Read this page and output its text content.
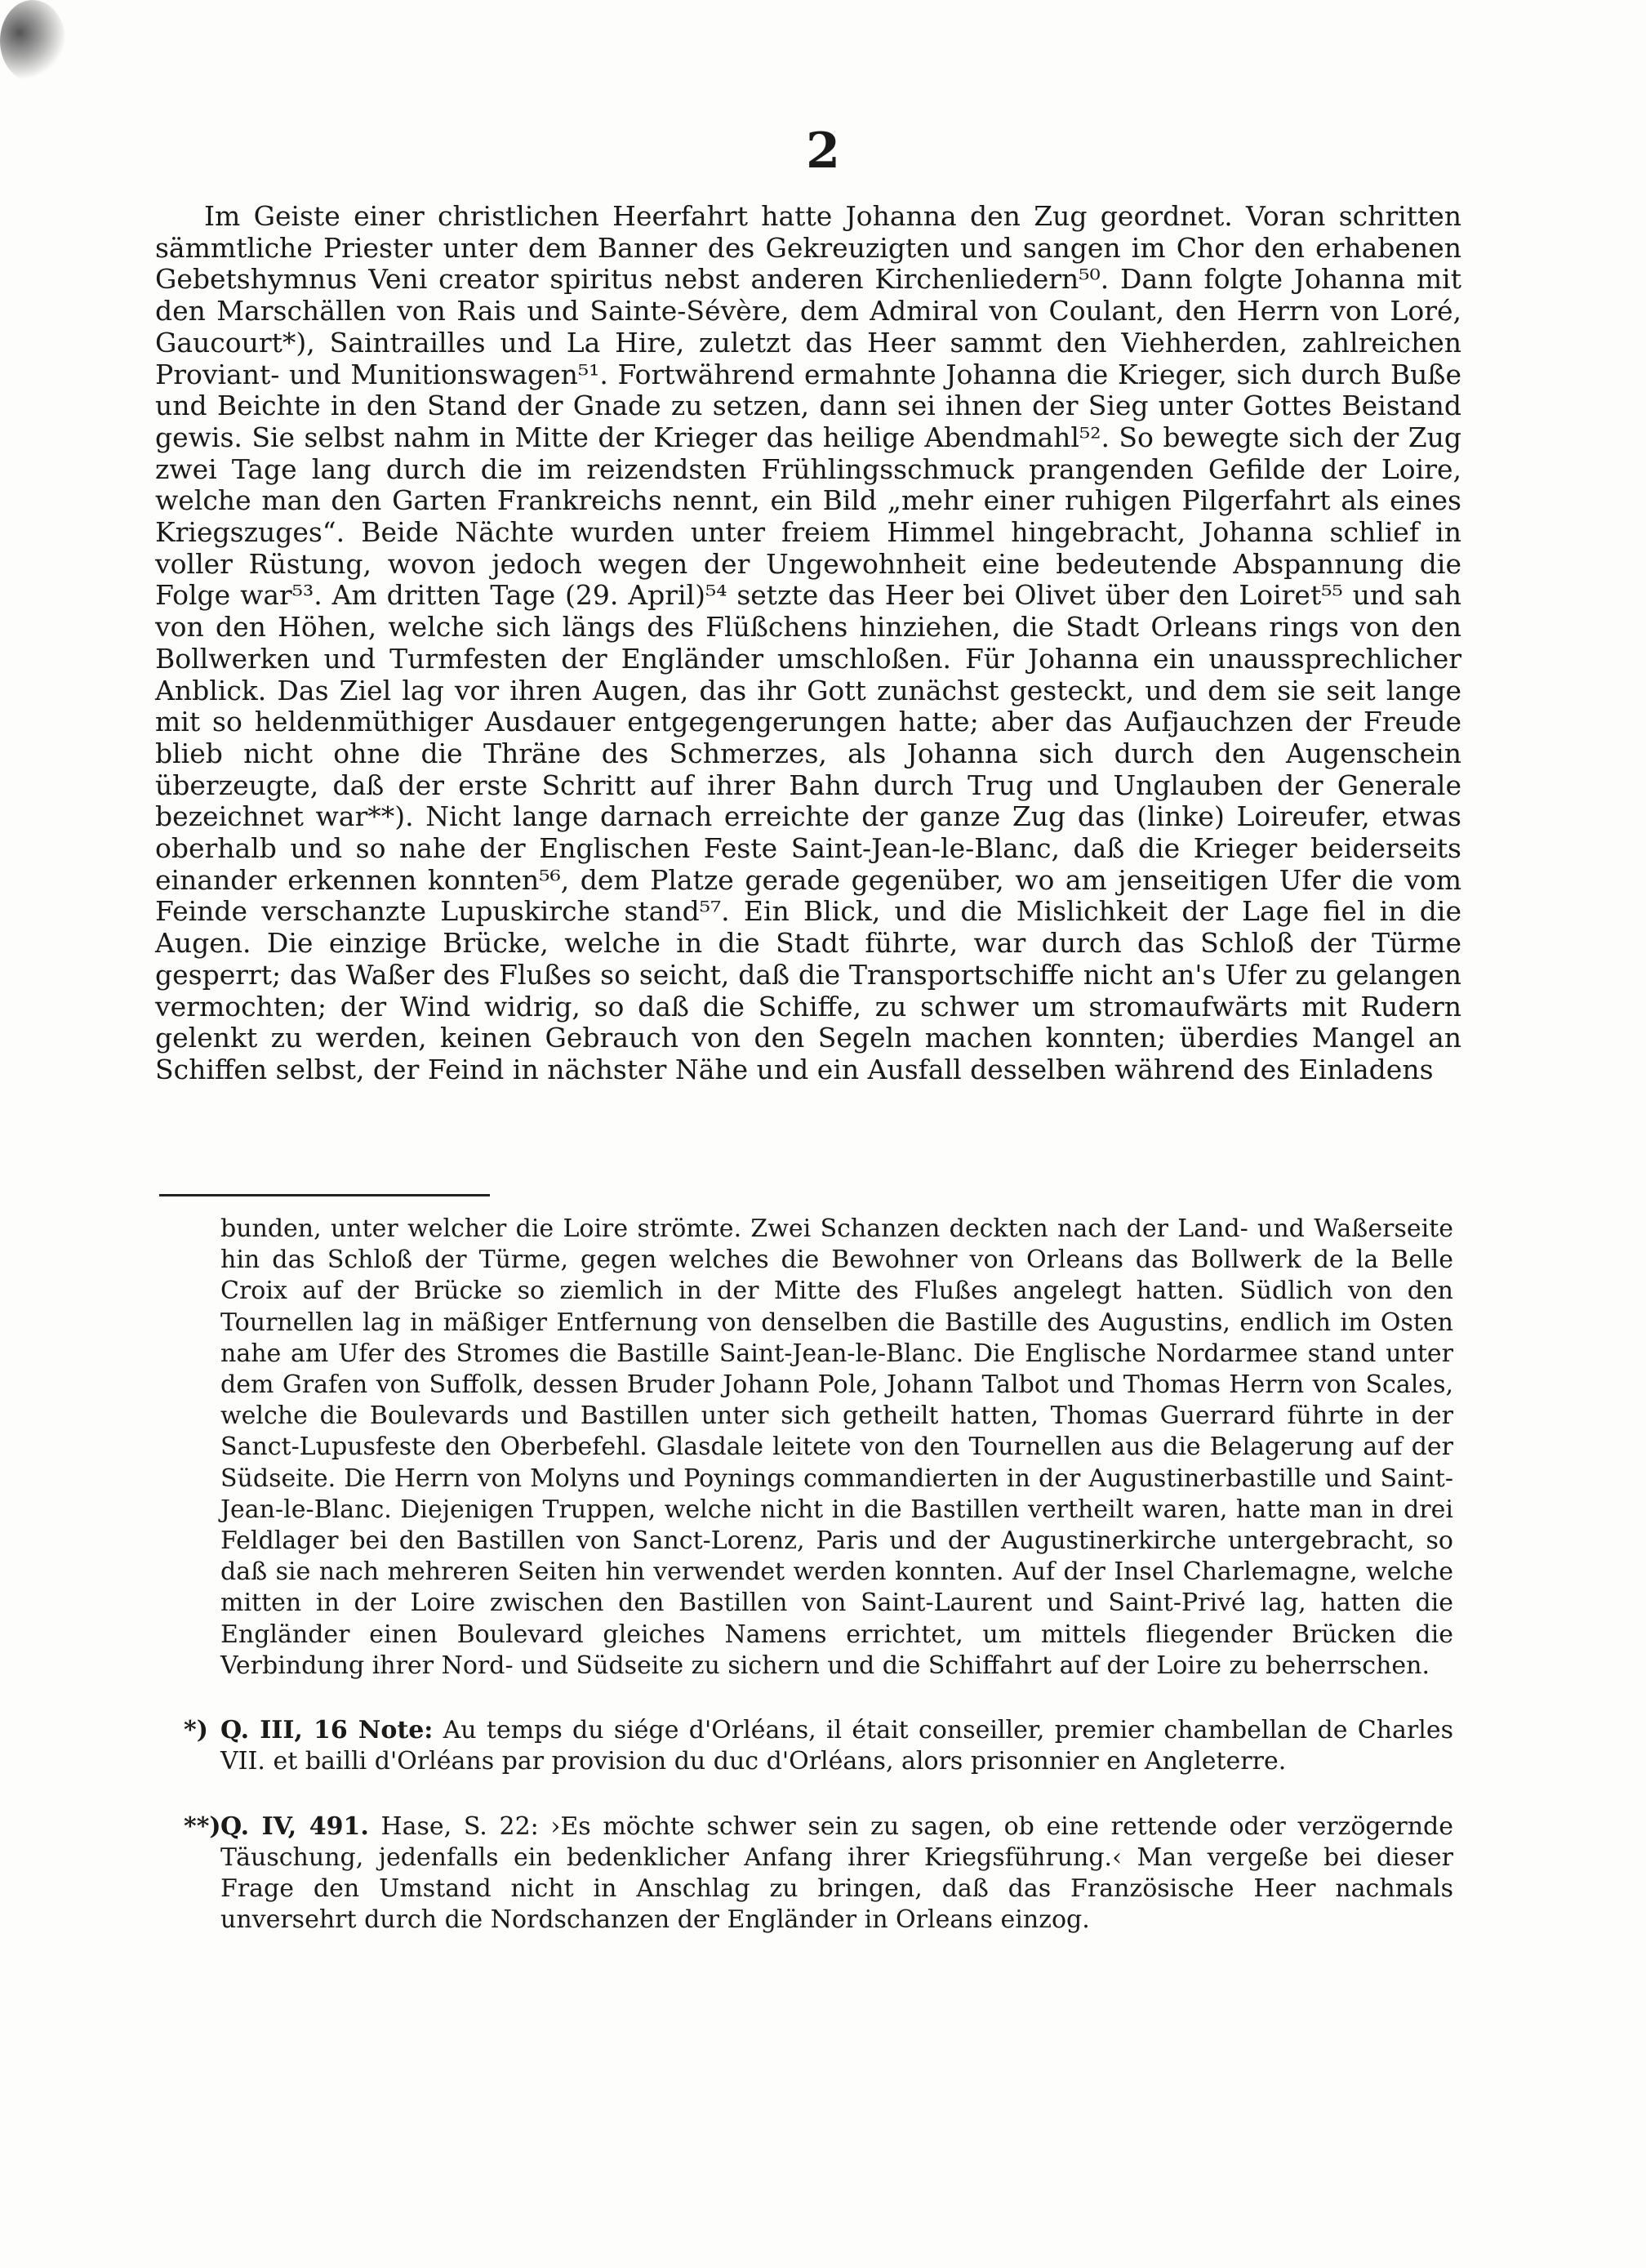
2

Im Geiste einer christlichen Heerfahrt hatte Johanna den Zug geordnet. Voran schritten sämmtliche Priester unter dem Banner des Gekreuzigten und sangen im Chor den erhabenen Gebetshymnus Veni creator spiritus nebst anderen Kirchenliedern⁵⁰. Dann folgte Johanna mit den Marschällen von Rais und Sainte-Sévère, dem Admiral von Coulant, den Herrn von Loré, Gaucourt*), Saintrailles und La Hire, zuletzt das Heer sammt den Viehherden, zahlreichen Proviant- und Munitionswagen⁵¹. Fortwährend ermahnte Johanna die Krieger, sich durch Buße und Beichte in den Stand der Gnade zu setzen, dann sei ihnen der Sieg unter Gottes Beistand gewis. Sie selbst nahm in Mitte der Krieger das heilige Abendmahl⁵². So bewegte sich der Zug zwei Tage lang durch die im reizendsten Frühlingsschmuck prangenden Gefilde der Loire, welche man den Garten Frankreichs nennt, ein Bild „mehr einer ruhigen Pilgerfahrt als eines Kriegszuges“. Beide Nächte wurden unter freiem Himmel hingebracht, Johanna schlief in voller Rüstung, wovon jedoch wegen der Ungewohnheit eine bedeutende Abspannung die Folge war⁵³. Am dritten Tage (29. April)⁵⁴ setzte das Heer bei Olivet über den Loiret⁵⁵ und sah von den Höhen, welche sich längs des Flüßchens hinziehen, die Stadt Orleans rings von den Bollwerken und Turmfesten der Engländer umschloßen. Für Johanna ein unaussprechlicher Anblick. Das Ziel lag vor ihren Augen, das ihr Gott zunächst gesteckt, und dem sie seit lange mit so heldenmüthiger Ausdauer entgegengerungen hatte; aber das Aufjauchzen der Freude blieb nicht ohne die Thräne des Schmerzes, als Johanna sich durch den Augenschein überzeugte, daß der erste Schritt auf ihrer Bahn durch Trug und Unglauben der Generale bezeichnet war**). Nicht lange darnach erreichte der ganze Zug das (linke) Loireufer, etwas oberhalb und so nahe der Englischen Feste Saint-Jean-le-Blanc, daß die Krieger beiderseits einander erkennen konnten⁵⁶, dem Platze gerade gegenüber, wo am jenseitigen Ufer die vom Feinde verschanzte Lupuskirche stand⁵⁷. Ein Blick, und die Mislichkeit der Lage fiel in die Augen. Die einzige Brücke, welche in die Stadt führte, war durch das Schloß der Türme gesperrt; das Waßer des Flußes so seicht, daß die Transportschiffe nicht an's Ufer zu gelangen vermochten; der Wind widrig, so daß die Schiffe, zu schwer um stromaufwärts mit Rudern gelenkt zu werden, keinen Gebrauch von den Segeln machen konnten; überdies Mangel an Schiffen selbst, der Feind in nächster Nähe und ein Ausfall desselben während des Einladens

bunden, unter welcher die Loire strömte. Zwei Schanzen deckten nach der Land- und Waßerseite hin das Schloß der Türme, gegen welches die Bewohner von Orleans das Bollwerk de la Belle Croix auf der Brücke so ziemlich in der Mitte des Flußes angelegt hatten. Südlich von den Tournellen lag in mäßiger Entfernung von denselben die Bastille des Augustins, endlich im Osten nahe am Ufer des Stromes die Bastille Saint-Jean-le-Blanc. Die Englische Nordarmee stand unter dem Grafen von Suffolk, dessen Bruder Johann Pole, Johann Talbot und Thomas Herrn von Scales, welche die Boulevards und Bastillen unter sich getheilt hatten, Thomas Guerrard führte in der Sanct-Lupusfeste den Oberbefehl. Glasdale leitete von den Tournellen aus die Belagerung auf der Südseite. Die Herrn von Molyns und Poynings commandierten in der Augustinerbastille und Saint-Jean-le-Blanc. Diejenigen Truppen, welche nicht in die Bastillen vertheilt waren, hatte man in drei Feldlager bei den Bastillen von Sanct-Lorenz, Paris und der Augustinerkirche untergebracht, so daß sie nach mehreren Seiten hin verwendet werden konnten. Auf der Insel Charlemagne, welche mitten in der Loire zwischen den Bastillen von Saint-Laurent und Saint-Privé lag, hatten die Engländer einen Boulevard gleiches Namens errichtet, um mittels fliegender Brücken die Verbindung ihrer Nord- und Südseite zu sichern und die Schiffahrt auf der Loire zu beherrschen.

*) Q. III, 16 Note: Au temps du siége d'Orléans, il était conseiller, premier chambellan de Charles VII. et bailli d'Orléans par provision du duc d'Orléans, alors prisonnier en Angleterre.
**) Q. IV, 491. Hase, S. 22: ›Es möchte schwer sein zu sagen, ob eine rettende oder verzögernde Täuschung, jedenfalls ein bedenklicher Anfang ihrer Kriegsführung.‹ Man vergeße bei dieser Frage den Umstand nicht in Anschlag zu bringen, daß das Französische Heer nachmals unversehrt durch die Nordschanzen der Engländer in Orleans einzog.
